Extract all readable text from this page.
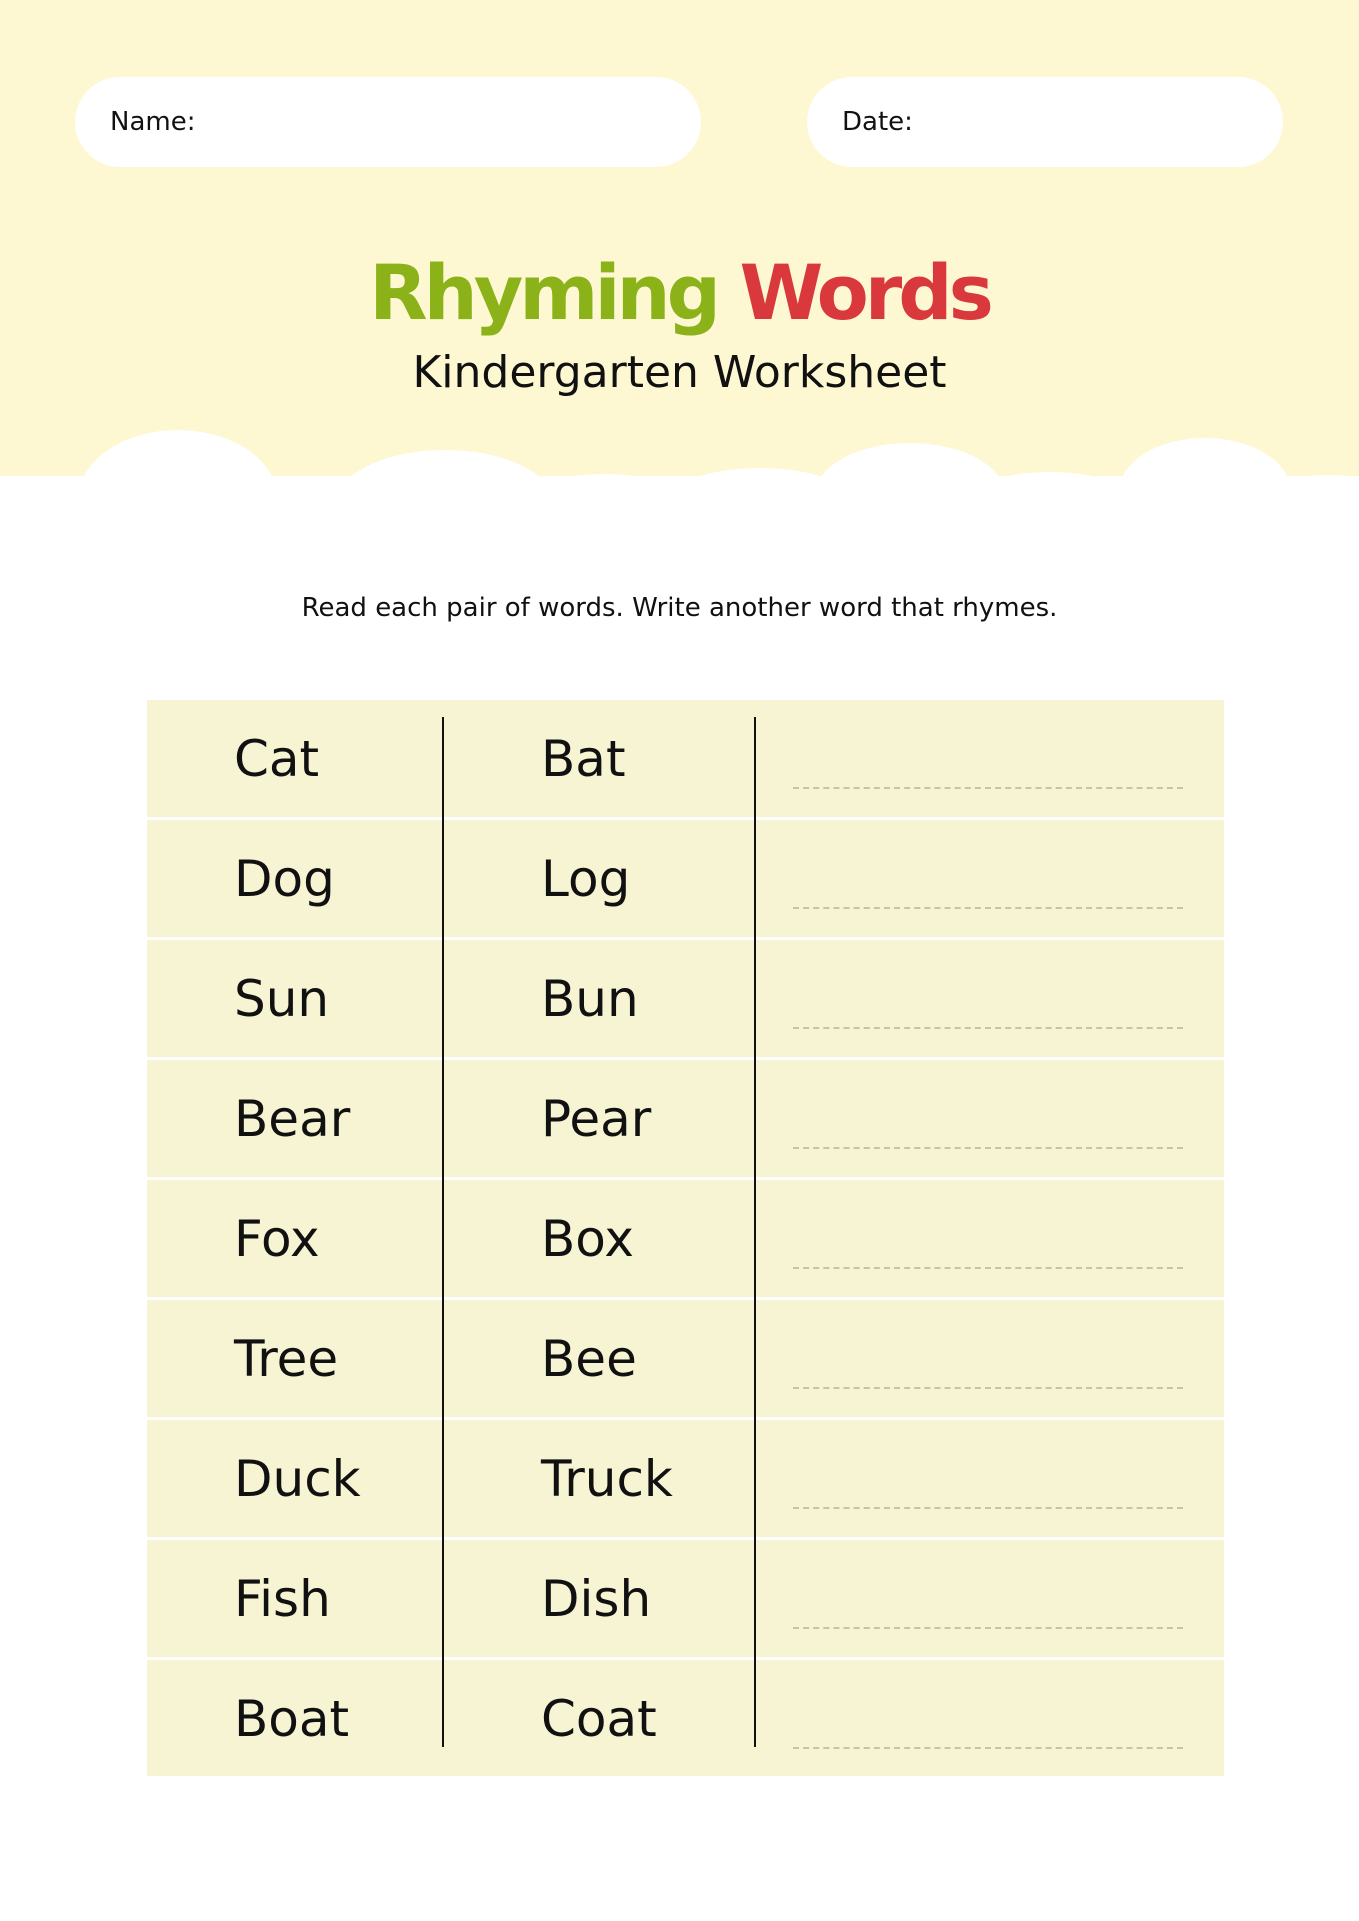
Name:	Date:
Rhyming Words
Kindergarten Worksheet
Read each pair of words. Write another word that rhymes.
Cat	Bat
Dog	Log
Sun	Bun
Bear	Pear
Fox	Box
Tree	Bee
Duck	Truck
Fish	Dish
Boat	Coat
